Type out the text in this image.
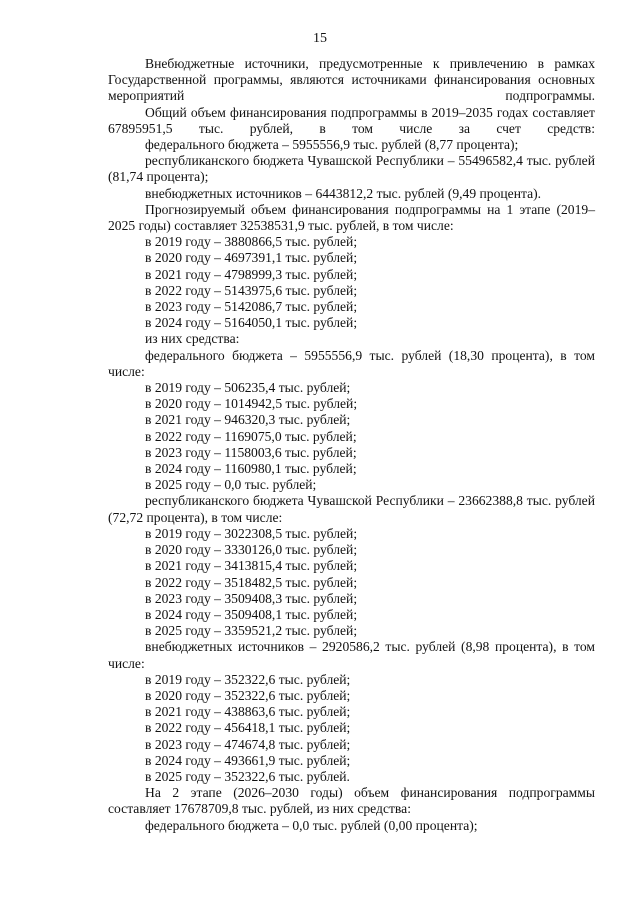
15

Внебюджетные источники, предусмотренные к привлечению в рамках Государственной программы, являются источниками финансирования основных мероприятий подпрограммы.

Общий объем финансирования подпрограммы в 2019–2035 годах составляет 67895951,5 тыс. рублей, в том числе за счет средств:

федерального бюджета – 5955556,9 тыс. рублей (8,77 процента);

республиканского бюджета Чувашской Республики – 55496582,4 тыс. рублей (81,74 процента);

внебюджетных источников – 6443812,2 тыс. рублей (9,49 процента).

Прогнозируемый объем финансирования подпрограммы на 1 этапе (2019–2025 годы) составляет 32538531,9 тыс. рублей, в том числе:

в 2019 году – 3880866,5 тыс. рублей;

в 2020 году – 4697391,1 тыс. рублей;

в 2021 году – 4798999,3 тыс. рублей;

в 2022 году – 5143975,6 тыс. рублей;

в 2023 году – 5142086,7 тыс. рублей;

в 2024 году – 5164050,1 тыс. рублей;

из них средства:

федерального бюджета – 5955556,9 тыс. рублей (18,30 процента), в том числе:

в 2019 году – 506235,4 тыс. рублей;

в 2020 году – 1014942,5 тыс. рублей;

в 2021 году – 946320,3 тыс. рублей;

в 2022 году – 1169075,0 тыс. рублей;

в 2023 году – 1158003,6 тыс. рублей;

в 2024 году – 1160980,1 тыс. рублей;

в 2025 году – 0,0 тыс. рублей;

республиканского бюджета Чувашской Республики – 23662388,8 тыс. рублей (72,72 процента), в том числе:

в 2019 году – 3022308,5 тыс. рублей;

в 2020 году – 3330126,0 тыс. рублей;

в 2021 году – 3413815,4 тыс. рублей;

в 2022 году – 3518482,5 тыс. рублей;

в 2023 году – 3509408,3 тыс. рублей;

в 2024 году – 3509408,1 тыс. рублей;

в 2025 году – 3359521,2 тыс. рублей;

внебюджетных источников – 2920586,2 тыс. рублей (8,98 процента), в том числе:

в 2019 году – 352322,6 тыс. рублей;

в 2020 году – 352322,6 тыс. рублей;

в 2021 году – 438863,6 тыс. рублей;

в 2022 году – 456418,1 тыс. рублей;

в 2023 году – 474674,8 тыс. рублей;

в 2024 году – 493661,9 тыс. рублей;

в 2025 году – 352322,6 тыс. рублей.

На 2 этапе (2026–2030 годы) объем финансирования подпрограммы составляет 17678709,8 тыс. рублей, из них средства:

федерального бюджета – 0,0 тыс. рублей (0,00 процента);
